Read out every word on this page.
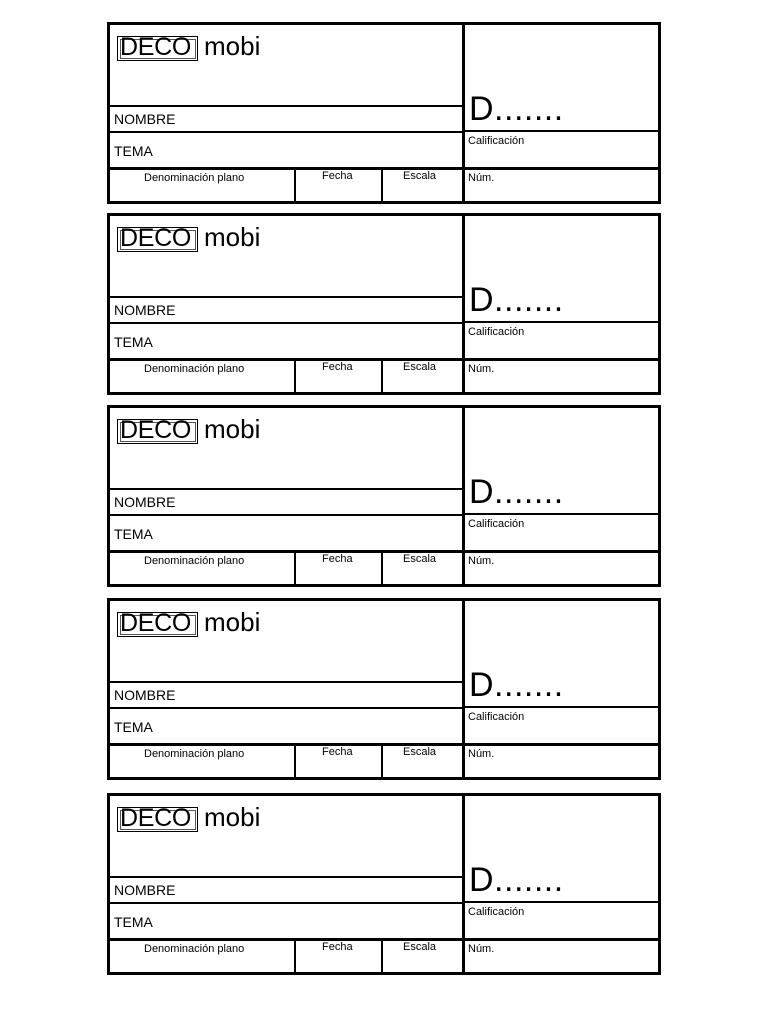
DECO mobi
NOMBRE
TEMA
D.......
Calificación
Denominación plano	Fecha	Escala	Núm.
DECO mobi
NOMBRE
TEMA
D.......
Calificación
Denominación plano	Fecha	Escala	Núm.
DECO mobi
NOMBRE
TEMA
D.......
Calificación
Denominación plano	Fecha	Escala	Núm.
DECO mobi
NOMBRE
TEMA
D.......
Calificación
Denominación plano	Fecha	Escala	Núm.
DECO mobi
NOMBRE
TEMA
D.......
Calificación
Denominación plano	Fecha	Escala	Núm.
